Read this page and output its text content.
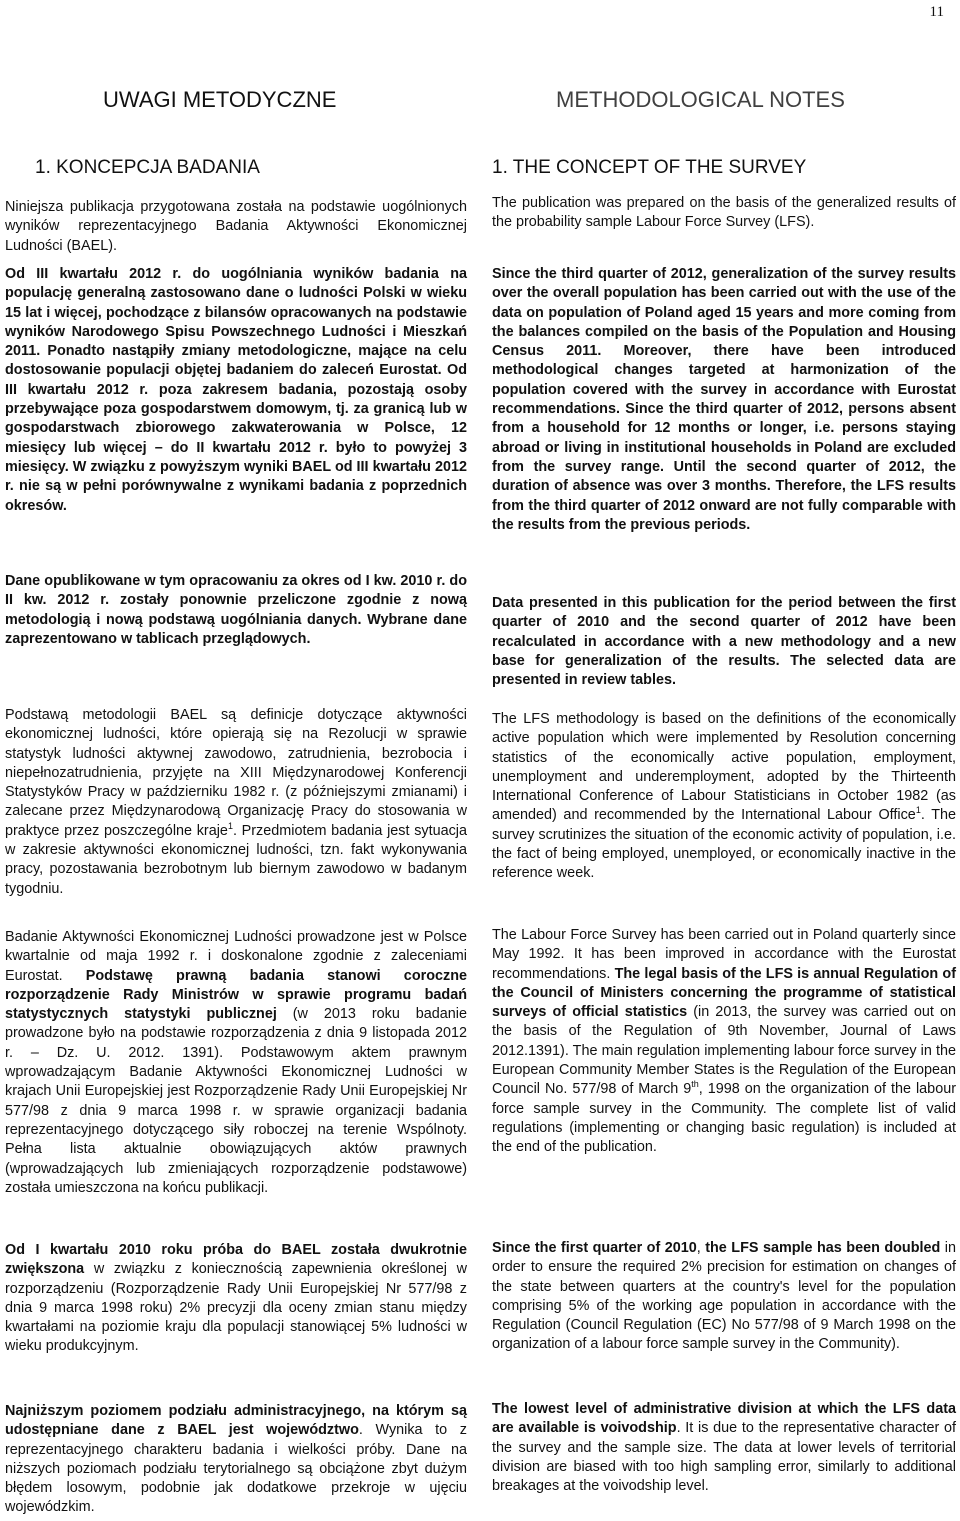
11
UWAGI METODYCZNE
1. KONCEPCJA BADANIA

Niniejsza publikacja przygotowana została na podstawie uogólnionych wyników reprezentacyjnego Badania Aktywności Ekonomicznej Ludności (BAEL).

Od III kwartału 2012 r. do uogólniania wyników badania na populację generalną zastosowano dane o ludności Polski w wieku 15 lat i więcej, pochodzące z bilansów opracowanych na podstawie wyników Narodowego Spisu Powszechnego Ludności i Mieszkań 2011. Ponadto nastąpiły zmiany metodologiczne, mające na celu dostosowanie populacji objętej badaniem do zaleceń Eurostat. Od III kwartału 2012 r. poza zakresem badania, pozostają osoby przebywające poza gospodarstwem domowym, tj. za granicą lub w gospodarstwach zbiorowego zakwaterowania w Polsce, 12 miesięcy lub więcej – do II kwartału 2012 r. było to powyżej 3 miesięcy. W związku z powyższym wyniki BAEL od III kwartału 2012 r. nie są w pełni porównywalne z wynikami badania z poprzednich okresów.

Dane opublikowane w tym opracowaniu za okres od I kw. 2010 r. do II kw. 2012 r. zostały ponownie przeliczone zgodnie z nową metodologią i nową podstawą uogólniania danych. Wybrane dane zaprezentowano w tablicach przeglądowych.

Podstawą metodologii BAEL są definicje dotyczące aktywności ekonomicznej ludności, które opierają się na Rezolucji w sprawie statystyk ludności aktywnej zawodowo, zatrudnienia, bezrobocia i niepełnozatrudnienia, przyjęte na XIII Międzynarodowej Konferencji Statystyków Pracy w październiku 1982 r. (z późniejszymi zmianami) i zalecane przez Międzynarodową Organizację Pracy do stosowania w praktyce przez poszczególne kraje$^1$. Przedmiotem badania jest sytuacja w zakresie aktywności ekonomicznej ludności, tzn. fakt wykonywania pracy, pozostawania bezrobotnym lub biernym zawodowo w badanym tygodniu.

Badanie Aktywności Ekonomicznej Ludności prowadzone jest w Polsce kwartalnie od maja 1992 r. i doskonalone zgodnie z zaleceniami Eurostat. Podstawę prawną badania stanowi coroczne rozporządzenie Rady Ministrów w sprawie programu badań statystycznych statystyki publicznej (w 2013 roku badanie prowadzone było na podstawie rozporządzenia z dnia 9 listopada 2012 r. – Dz. U. 2012. 1391). Podstawowym aktem prawnym wprowadzającym Badanie Aktywności Ekonomicznej Ludności w krajach Unii Europejskiej jest Rozporządzenie Rady Unii Europejskiej Nr 577/98 z dnia 9 marca 1998 r. w sprawie organizacji badania reprezentacyjnego dotyczącego siły roboczej na terenie Wspólnoty. Pełna lista aktualnie obowiązujących aktów prawnych (wprowadzających lub zmieniających rozporządzenie podstawowe) została umieszczona na końcu publikacji.

Od I kwartału 2010 roku próba do BAEL została dwukrotnie zwiększona w związku z koniecznością zapewnienia określonej w rozporządzeniu (Rozporządzenie Rady Unii Europejskiej Nr 577/98 z dnia 9 marca 1998 roku) 2% precyzji dla oceny zmian stanu między kwartałami na poziomie kraju dla populacji stanowiącej 5% ludności w wieku produkcyjnym.

Najniższym poziomem podziału administracyjnego, na którym są udostępniane dane z BAEL jest województwo. Wynika to z reprezentacyjnego charakteru badania i wielkości próby. Dane na niższych poziomach podziału terytorialnego są obciążone zbyt dużym błędem losowym, podobnie jak dodatkowe przekroje w ujęciu wojewódzkim.

METHODOLOGICAL NOTES
1. THE CONCEPT OF THE SURVEY

The publication was prepared on the basis of the generalized results of the probability sample Labour Force Survey (LFS).

Since the third quarter of 2012, generalization of the survey results over the overall population has been carried out with the use of the data on population of Poland aged 15 years and more coming from the balances compiled on the basis of the Population and Housing Census 2011. Moreover, there have been introduced methodological changes targeted at harmonization of the population covered with the survey in accordance with Eurostat recommendations. Since the third quarter of 2012, persons absent from a household for 12 months or longer, i.e. persons staying abroad or living in institutional households in Poland are excluded from the survey range. Until the second quarter of 2012, the duration of absence was over 3 months. Therefore, the LFS results from the third quarter of 2012 onward are not fully comparable with the results from the previous periods.

Data presented in this publication for the period between the first quarter of 2010 and the second quarter of 2012 have been recalculated in accordance with a new methodology and a new base for generalization of the results. The selected data are presented in review tables.

The LFS methodology is based on the definitions of the economically active population which were implemented by Resolution concerning statistics of the economically active population, employment, unemployment and underemployment, adopted by the Thirteenth International Conference of Labour Statisticians in October 1982 (as amended) and recommended by the International Labour Office$^1$. The survey scrutinizes the situation of the economic activity of population, i.e. the fact of being employed, unemployed, or economically inactive in the reference week.

The Labour Force Survey has been carried out in Poland quarterly since May 1992. It has been improved in accordance with the Eurostat recommendations. The legal basis of the LFS is annual Regulation of the Council of Ministers concerning the programme of statistical surveys of official statistics (in 2013, the survey was carried out on the basis of the Regulation of 9th November, Journal of Laws 2012.1391). The main regulation implementing labour force survey in the European Community Member States is the Regulation of the European Council No. 577/98 of March 9th, 1998 on the organization of the labour force sample survey in the Community. The complete list of valid regulations (implementing or changing basic regulation) is included at the end of the publication.

Since the first quarter of 2010, the LFS sample has been doubled in order to ensure the required 2% precision for estimation on changes of the state between quarters at the country's level for the population comprising 5% of the working age population in accordance with the Regulation (Council Regulation (EC) No 577/98 of 9 March 1998 on the organization of a labour force sample survey in the Community).

The lowest level of administrative division at which the LFS data are available is voivodship. It is due to the representative character of the survey and the sample size. The data at lower levels of territorial division are biased with too high sampling error, similarly to additional breakages at the voivodship level.
